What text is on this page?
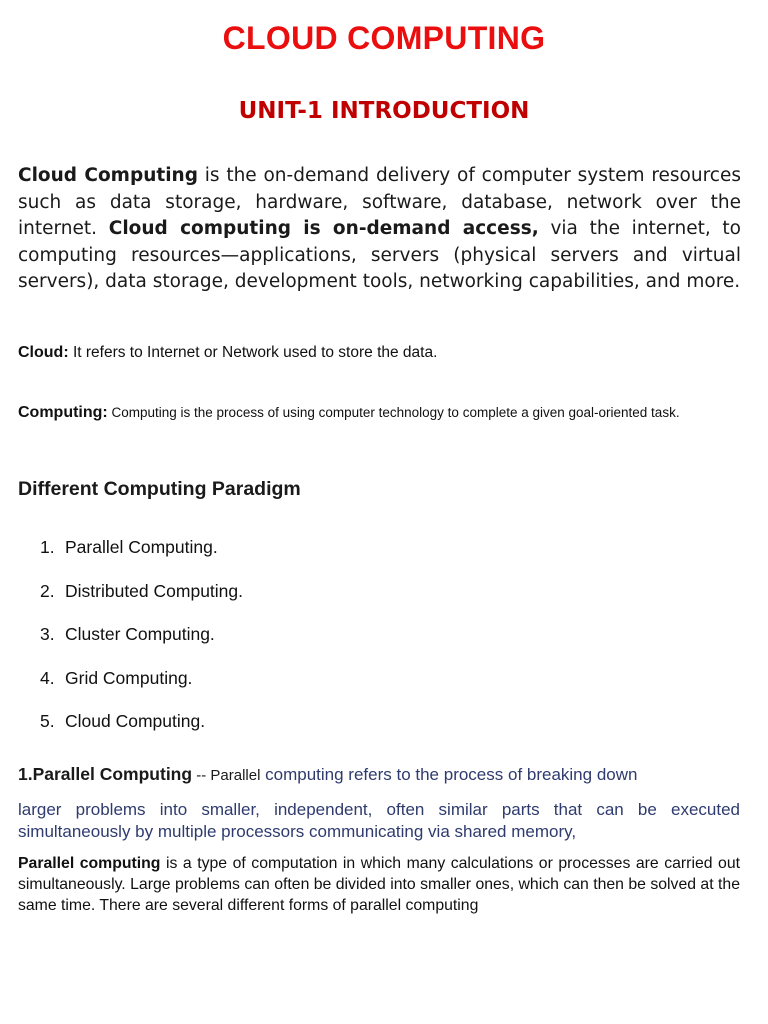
CLOUD COMPUTING
UNIT-1 INTRODUCTION
Cloud Computing is the on-demand delivery of computer system resources such as data storage, hardware, software, database, network over the internet. Cloud computing is on-demand access, via the internet, to computing resources—applications, servers (physical servers and virtual servers), data storage, development tools, networking capabilities, and more.
Cloud: It refers to Internet or Network used to store the data.
Computing: Computing is the process of using computer technology to complete a given goal-oriented task.
Different Computing Paradigm
1. Parallel Computing.
2. Distributed Computing.
3. Cluster Computing.
4. Grid Computing.
5. Cloud Computing.
1.Parallel Computing -- Parallel computing refers to the process of breaking down
larger problems into smaller, independent, often similar parts that can be executed simultaneously by multiple processors communicating via shared memory,
Parallel computing is a type of computation in which many calculations or processes are carried out simultaneously. Large problems can often be divided into smaller ones, which can then be solved at the same time. There are several different forms of parallel computing
